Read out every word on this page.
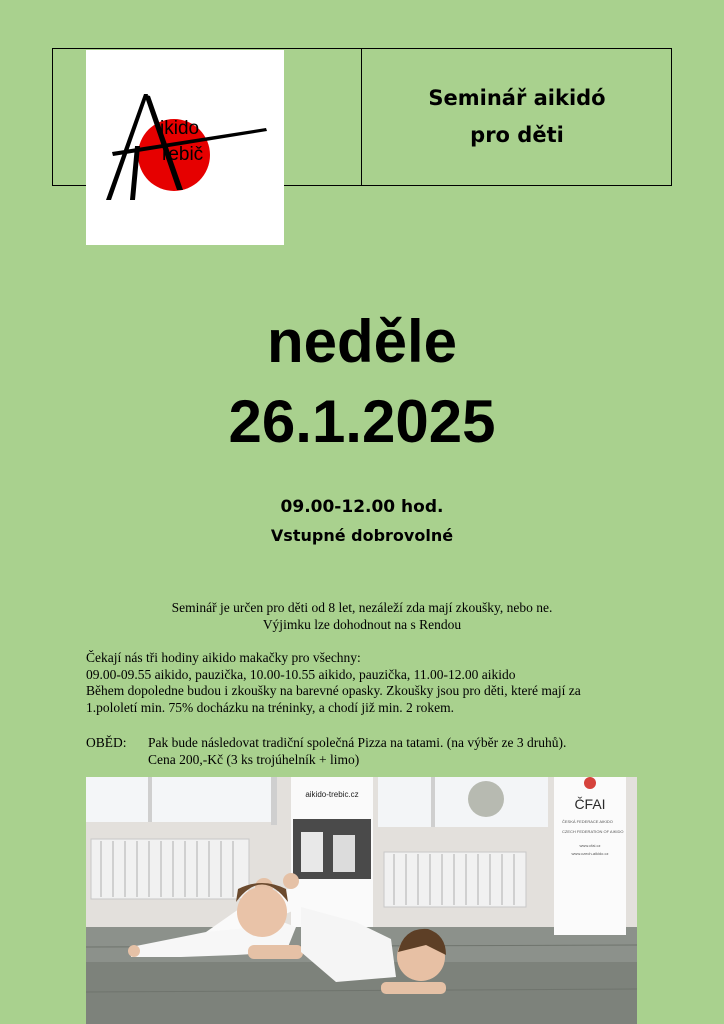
ikido
řebič
Seminář aikidó
pro děti
neděle
26.1.2025
09.00-12.00 hod.
Vstupné dobrovolné
Seminář je určen pro děti od 8 let, nezáleží zda mají zkoušky, nebo ne.
Výjimku lze dohodnout na s Rendou
Čekají nás tři hodiny aikido makačky pro všechny:
09.00-09.55 aikido, pauzička, 10.00-10.55 aikido, pauzička, 11.00-12.00 aikido
Během dopoledne budou i zkoušky na barevné opasky. Zkoušky jsou pro děti, které mají za
1.pololetí min. 75% docházku na tréninky, a chodí již min. 2 rokem.
OBĚD:	Pak bude následovat tradiční společná Pizza na tatami. (na výběr ze 3 druhů).
Cena 200,-Kč (3 ks trojúhelník + limo)
aikido-trebic.cz
ČFAI
ČESKÁ FEDERACE AIKIDO
CZECH FEDERATION OF AIKIDO
www.cfai.cz
www.czech-aikido.cz
